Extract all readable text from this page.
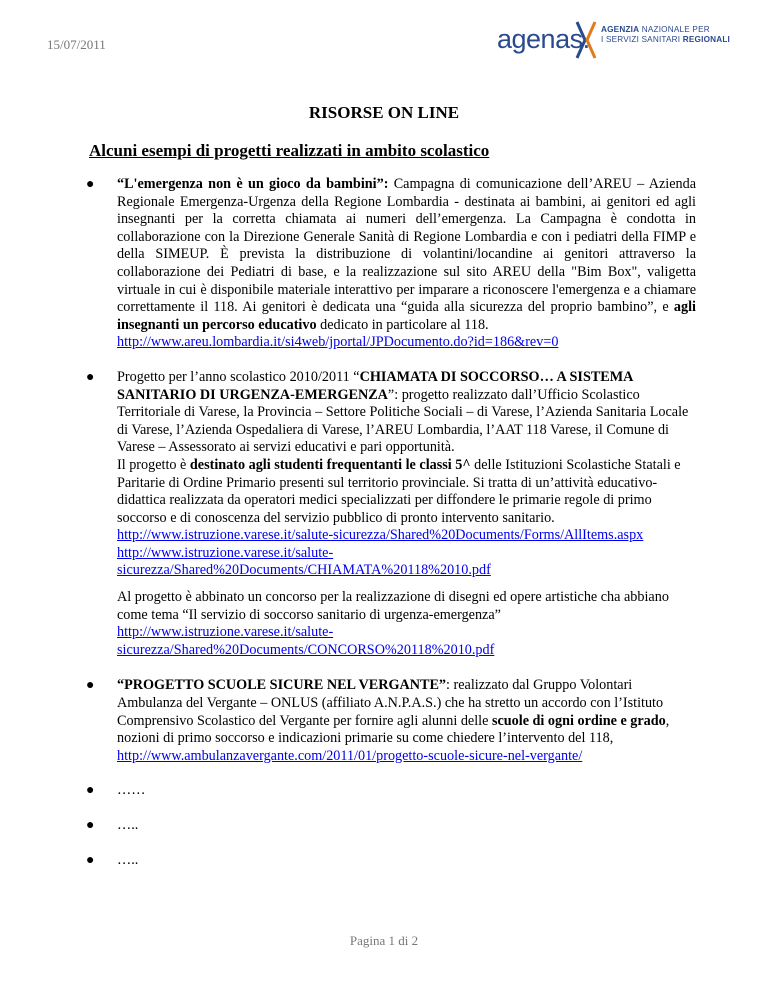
15/07/2011	agenas. AGENZIA NAZIONALE PER
I SERVIZI SANITARI REGIONALI
RISORSE ON LINE
Alcuni esempi di progetti realizzati in ambito scolastico
● “L'emergenza non è un gioco da bambini”: Campagna di comunicazione dell’AREU – Azienda Regionale Emergenza-Urgenza della Regione Lombardia - destinata ai bambini, ai genitori ed agli insegnanti per la corretta chiamata ai numeri dell’emergenza. La Campagna è condotta in collaborazione con la Direzione Generale Sanità di Regione Lombardia e con i pediatri della FIMP e della SIMEUP. È prevista la distribuzione di volantini/locandine ai genitori attraverso la collaborazione dei Pediatri di base, e la realizzazione sul sito AREU della "Bim Box", valigetta virtuale in cui è disponibile materiale interattivo per imparare a riconoscere l'emergenza e a chiamare correttamente il 118. Ai genitori è dedicata una “guida alla sicurezza del proprio bambino”, e agli insegnanti un percorso educativo dedicato in particolare al 118.
http://www.areu.lombardia.it/si4web/jportal/JPDocumento.do?id=186&rev=0

● Progetto per l’anno scolastico 2010/2011 “CHIAMATA DI SOCCORSO… A SISTEMA SANITARIO DI URGENZA-EMERGENZA”: progetto realizzato dall’Ufficio Scolastico Territoriale di Varese, la Provincia – Settore Politiche Sociali – di Varese, l’Azienda Sanitaria Locale di Varese, l’Azienda Ospedaliera di Varese, l’AREU Lombardia, l’AAT 118 Varese, il Comune di Varese – Assessorato ai servizi educativi e pari opportunità.
Il progetto è destinato agli studenti frequentanti le classi 5^ delle Istituzioni Scolastiche Statali e Paritarie di Ordine Primario presenti sul territorio provinciale. Si tratta di un’attività educativo-didattica realizzata da operatori medici specializzati per diffondere le primarie regole di primo soccorso e di conoscenza del servizio pubblico di pronto intervento sanitario.
http://www.istruzione.varese.it/salute-sicurezza/Shared%20Documents/Forms/AllItems.aspx
http://www.istruzione.varese.it/salute-
sicurezza/Shared%20Documents/CHIAMATA%20118%2010.pdf

Al progetto è abbinato un concorso per la realizzazione di disegni ed opere artistiche cha abbiano come tema “Il servizio di soccorso sanitario di urgenza-emergenza”
http://www.istruzione.varese.it/salute-
sicurezza/Shared%20Documents/CONCORSO%20118%2010.pdf

● “PROGETTO SCUOLE SICURE NEL VERGANTE”: realizzato dal Gruppo Volontari Ambulanza del Vergante – ONLUS (affiliato A.N.P.A.S.) che ha stretto un accordo con l’Istituto Comprensivo Scolastico del Vergante per fornire agli alunni delle scuole di ogni ordine e grado, nozioni di primo soccorso e indicazioni primarie su come chiedere l’intervento del 118,
http://www.ambulanzavergante.com/2011/01/progetto-scuole-sicure-nel-vergante/

● ……

● …..

● …..

Pagina 1 di 2
